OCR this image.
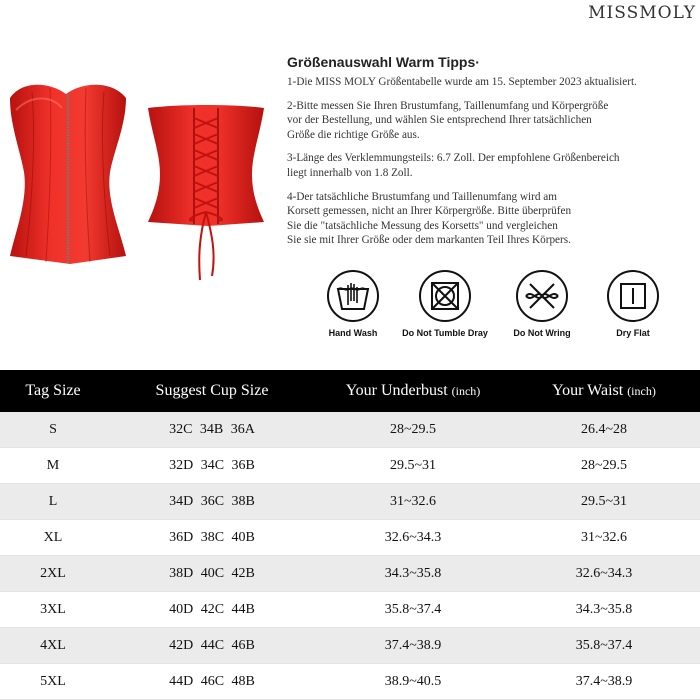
MISSMOLY
Größenauswahl Warm Tipps·
1-Die MISS MOLY Größentabelle wurde am 15. September 2023 aktualisiert.
2-Bitte messen Sie Ihren Brustumfang, Taillenumfang und Körpergröße
vor der Bestellung, und wählen Sie entsprechend Ihrer tatsächlichen
Größe die richtige Größe aus.
3-Länge des Verklemmungsteils: 6.7 Zoll. Der empfohlene Größenbereich
liegt innerhalb von 1.8 Zoll.
4-Der tatsächliche Brustumfang und Taillenumfang wird am
Korsett gemessen, nicht an Ihrer Körpergröße. Bitte überprüfen
Sie die "tatsächliche Messung des Korsetts" und vergleichen
Sie sie mit Ihrer Größe oder dem markanten Teil Ihres Körpers.
Hand Wash	Do Not Tumble Dray	Do Not Wring	Dry Flat
Tag Size	Suggest Cup Size	Your Underbust (inch)	Your Waist (inch)
S	32C 34B 36A	28~29.5	26.4~28
M	32D 34C 36B	29.5~31	28~29.5
L	34D 36C 38B	31~32.6	29.5~31
XL	36D 38C 40B	32.6~34.3	31~32.6
2XL	38D 40C 42B	34.3~35.8	32.6~34.3
3XL	40D 42C 44B	35.8~37.4	34.3~35.8
4XL	42D 44C 46B	37.4~38.9	35.8~37.4
5XL	44D 46C 48B	38.9~40.5	37.4~38.9
